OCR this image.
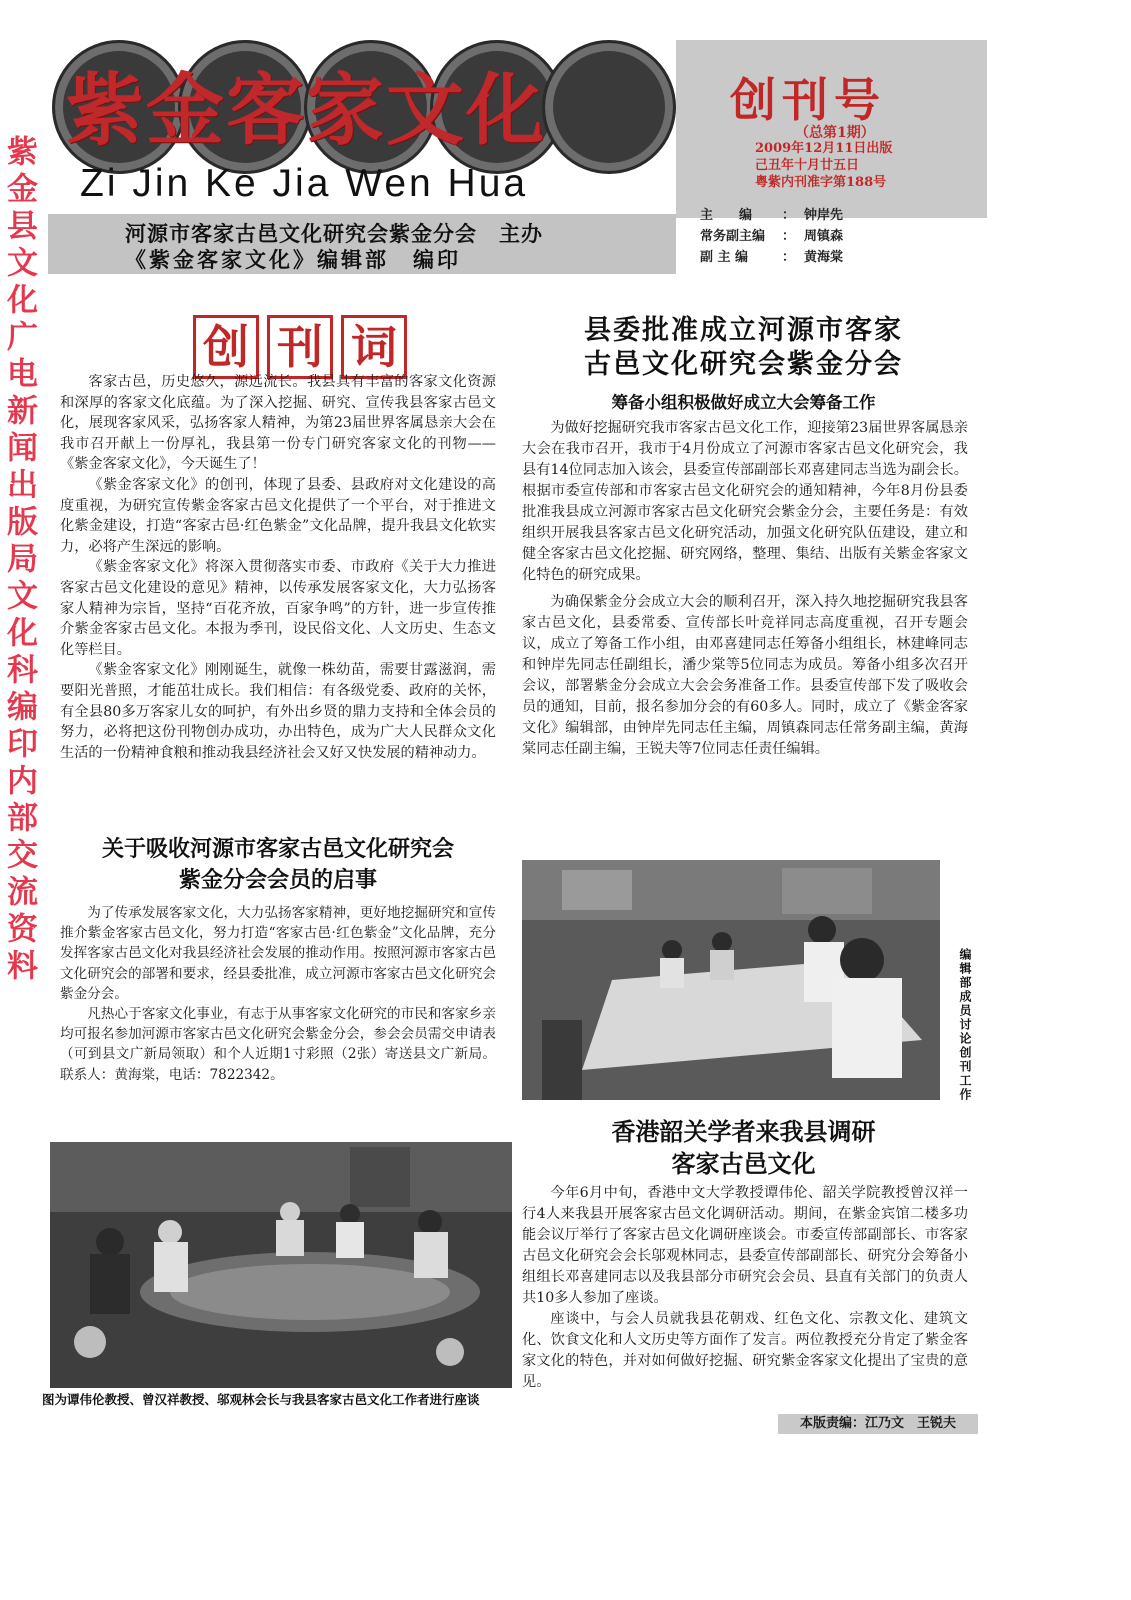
紫金县文化广电新闻出版局文化科编印内部交流资料
紫金客家文化
Zi Jin Ke Jia Wen Hua
创刊号
（总第1期）
2009年12月11日出版
己丑年十月廿五日
粤紫内刊准字第188号
河源市客家古邑文化研究会紫金分会　主办
《紫金客家文化》编辑部　编印
主　　编	： 钟岸先
常务副主编	： 周镇森
副 主 编	： 黄海棠
创 刊 词

客家古邑，历史悠久，源远流长。我县具有丰富的客家文化资源和深厚的客家文化底蕴。为了深入挖掘、研究、宣传我县客家古邑文化，展现客家风采，弘扬客家人精神，为第23届世界客属恳亲大会在我市召开献上一份厚礼，我县第一份专门研究客家文化的刊物——《紫金客家文化》，今天诞生了！

《紫金客家文化》的创刊，体现了县委、县政府对文化建设的高度重视，为研究宣传紫金客家古邑文化提供了一个平台，对于推进文化紫金建设，打造“客家古邑·红色紫金”文化品牌，提升我县文化软实力，必将产生深远的影响。

《紫金客家文化》将深入贯彻落实市委、市政府《关于大力推进客家古邑文化建设的意见》精神，以传承发展客家文化，大力弘扬客家人精神为宗旨，坚持“百花齐放，百家争鸣”的方针，进一步宣传推介紫金客家古邑文化。本报为季刊，设民俗文化、人文历史、生态文化等栏目。

《紫金客家文化》刚刚诞生，就像一株幼苗，需要甘露滋润，需要阳光普照，才能茁壮成长。我们相信：有各级党委、政府的关怀，有全县80多万客家儿女的呵护，有外出乡贤的鼎力支持和全体会员的努力，必将把这份刊物创办成功，办出特色，成为广大人民群众文化生活的一份精神食粮和推动我县经济社会又好又快发展的精神动力。

关于吸收河源市客家古邑文化研究会
紫金分会会员的启事

为了传承发展客家文化，大力弘扬客家精神，更好地挖掘研究和宣传推介紫金客家古邑文化，努力打造“客家古邑·红色紫金”文化品牌，充分发挥客家古邑文化对我县经济社会发展的推动作用。按照河源市客家古邑文化研究会的部署和要求，经县委批准，成立河源市客家古邑文化研究会紫金分会。

凡热心于客家文化事业，有志于从事客家文化研究的市民和客家乡亲均可报名参加河源市客家古邑文化研究会紫金分会，参会会员需交申请表（可到县文广新局领取）和个人近期1寸彩照（2张）寄送县文广新局。联系人：黄海棠，电话：7822342。

图为谭伟伦教授、曾汉祥教授、邬观林会长与我县客家古邑文化工作者进行座谈
县委批准成立河源市客家
古邑文化研究会紫金分会
筹备小组积极做好成立大会筹备工作

为做好挖掘研究我市客家古邑文化工作，迎接第23届世界客属恳亲大会在我市召开，我市于4月份成立了河源市客家古邑文化研究会，我县有14位同志加入该会，县委宣传部副部长邓喜建同志当选为副会长。根据市委宣传部和市客家古邑文化研究会的通知精神，今年8月份县委批准我县成立河源市客家古邑文化研究会紫金分会，主要任务是：有效组织开展我县客家古邑文化研究活动，加强文化研究队伍建设，建立和健全客家古邑文化挖掘、研究网络，整理、集结、出版有关紫金客家文化特色的研究成果。

为确保紫金分会成立大会的顺利召开，深入持久地挖掘研究我县客家古邑文化，县委常委、宣传部长叶竞祥同志高度重视，召开专题会议，成立了筹备工作小组，由邓喜建同志任筹备小组组长，林建峰同志和钟岸先同志任副组长，潘少棠等5位同志为成员。筹备小组多次召开会议，部署紫金分会成立大会会务准备工作。县委宣传部下发了吸收会员的通知，目前，报名参加分会的有60多人。同时，成立了《紫金客家文化》编辑部，由钟岸先同志任主编，周镇森同志任常务副主编，黄海棠同志任副主编，王锐夫等7位同志任责任编辑。

编辑部成员讨论创刊工作
香港韶关学者来我县调研
客家古邑文化

今年6月中旬，香港中文大学教授谭伟伦、韶关学院教授曾汉祥一行4人来我县开展客家古邑文化调研活动。期间，在紫金宾馆二楼多功能会议厅举行了客家古邑文化调研座谈会。市委宣传部副部长、市客家古邑文化研究会会长邬观林同志，县委宣传部副部长、研究分会筹备小组组长邓喜建同志以及我县部分市研究会会员、县直有关部门的负责人共10多人参加了座谈。

座谈中，与会人员就我县花朝戏、红色文化、宗教文化、建筑文化、饮食文化和人文历史等方面作了发言。两位教授充分肯定了紫金客家文化的特色，并对如何做好挖掘、研究紫金客家文化提出了宝贵的意见。

本版责编：江乃文　王锐夫
